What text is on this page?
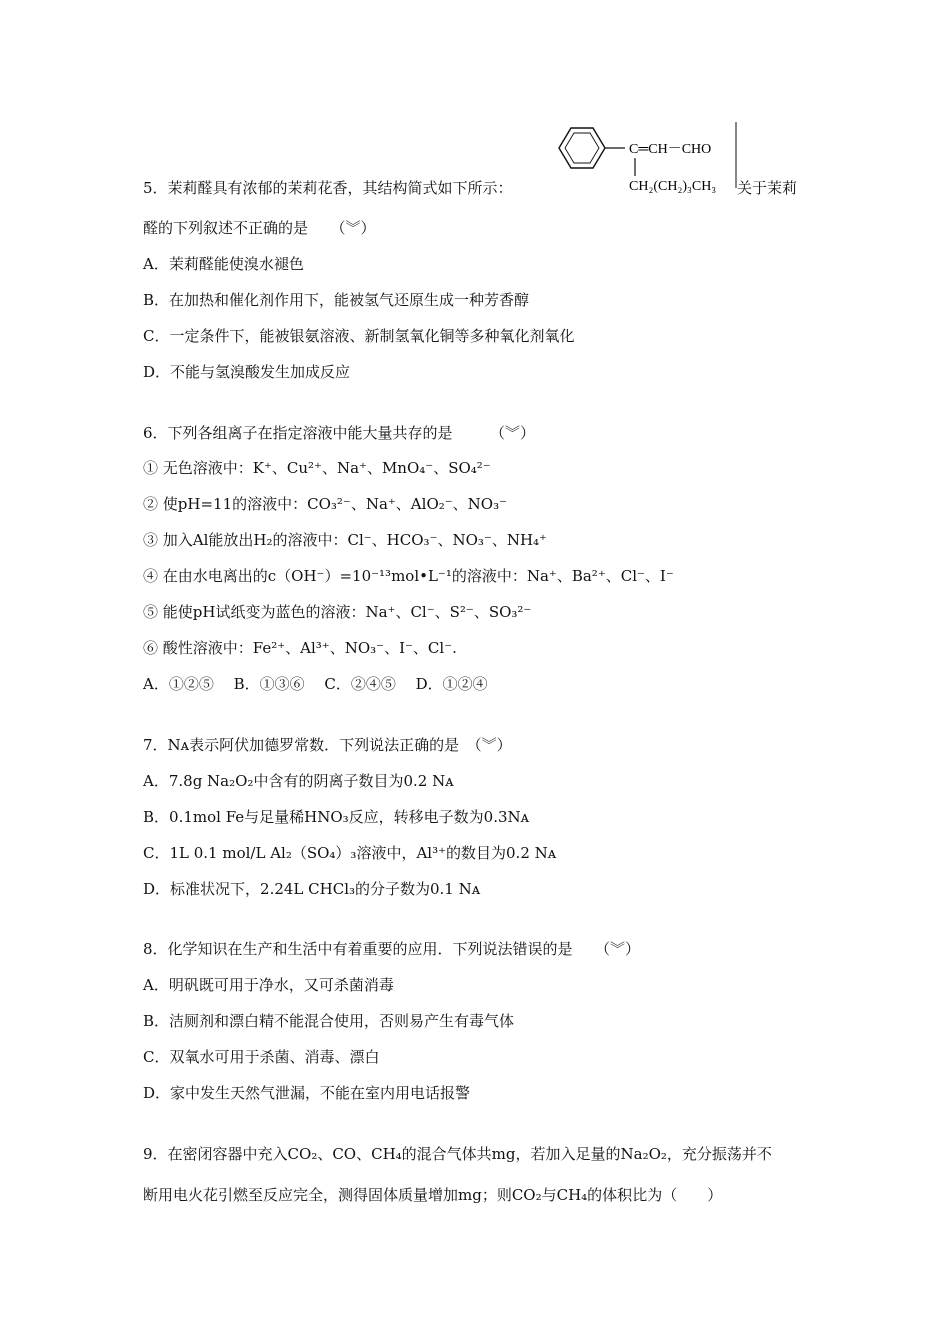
5．茉莉醛具有浓郁的茉莉花香，其结构简式如下所示：	关于茉莉
C═CH－CHO
CH₂(CH₂)₃CH₃
醛的下列叙述不正确的是　　（︾）
A．茉莉醛能使溴水褪色
B．在加热和催化剂作用下，能被氢气还原生成一种芳香醇
C．一定条件下，能被银氨溶液、新制氢氧化铜等多种氧化剂氧化
D．不能与氢溴酸发生加成反应
6．下列各组离子在指定溶液中能大量共存的是　　　（︾）
① 无色溶液中：K⁺、Cu²⁺、Na⁺、MnO₄⁻、SO₄²⁻
② 使pH=11的溶液中：CO₃²⁻、Na⁺、AlO₂⁻、NO₃⁻
③ 加入Al能放出H₂的溶液中：Cl⁻、HCO₃⁻、NO₃⁻、NH₄⁺
④ 在由水电离出的c（OH⁻）=10⁻¹³mol•L⁻¹的溶液中：Na⁺、Ba²⁺、Cl⁻、I⁻
⑤ 能使pH试纸变为蓝色的溶液：Na⁺、Cl⁻、S²⁻、SO₃²⁻
⑥ 酸性溶液中：Fe²⁺、Al³⁺、NO₃⁻、I⁻、Cl⁻.
A．①②⑤　 B．①③⑥　 C．②④⑤　 D．①②④
7．Nᴀ表示阿伏加德罗常数．下列说法正确的是　（︾）
A．7.8g Na₂O₂中含有的阴离子数目为0.2 Nᴀ
B．0.1mol Fe与足量稀HNO₃反应，转移电子数为0.3Nᴀ
C．1L 0.1 mol/L Al₂（SO₄）₃溶液中，Al³⁺的数目为0.2 Nᴀ
D．标准状况下，2.24L CHCl₃的分子数为0.1 Nᴀ
8．化学知识在生产和生活中有着重要的应用．下列说法错误的是　　（︾）
A．明矾既可用于净水，又可杀菌消毒
B．洁厕剂和漂白精不能混合使用，否则易产生有毒气体
C．双氧水可用于杀菌、消毒、漂白
D．家中发生天然气泄漏，不能在室内用电话报警
9．在密闭容器中充入CO₂、CO、CH₄的混合气体共mg，若加入足量的Na₂O₂，充分振荡并不
断用电火花引燃至反应完全，测得固体质量增加mg；则CO₂与CH₄的体积比为（　　）
